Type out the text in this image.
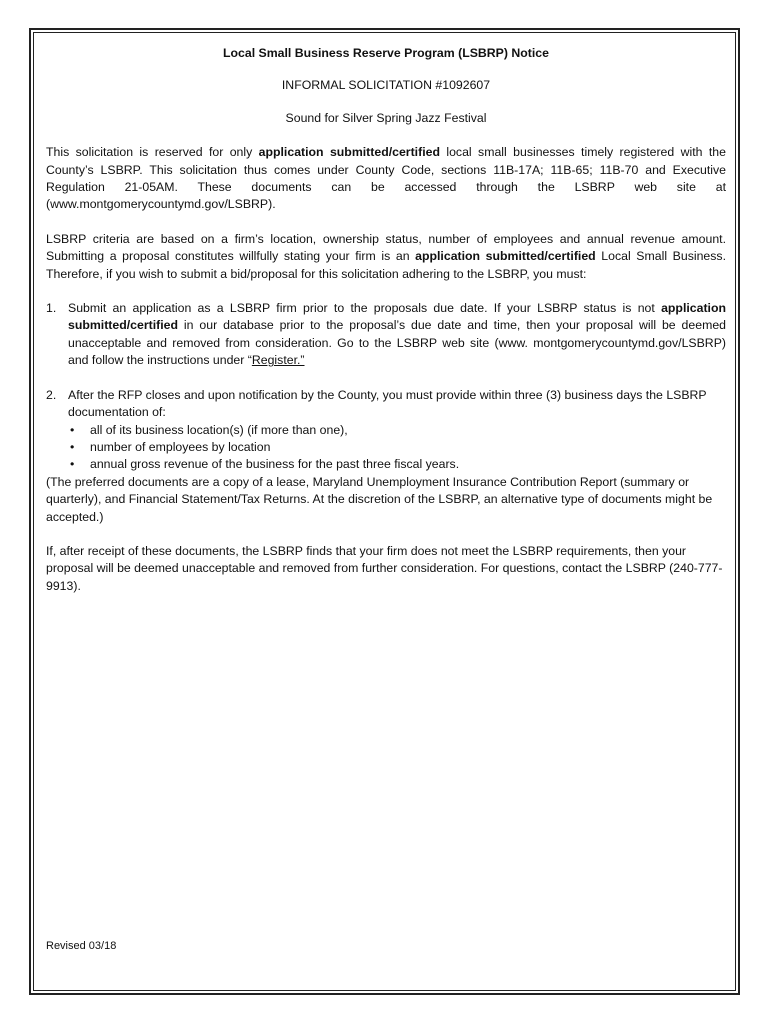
Local Small Business Reserve Program (LSBRP) Notice
INFORMAL SOLICITATION #1092607
Sound for Silver Spring Jazz Festival

This solicitation is reserved for only application submitted/certified local small businesses timely registered with the County’s LSBRP. This solicitation thus comes under County Code, sections 11B-17A; 11B-65; 11B-70 and Executive Regulation 21-05AM. These documents can be accessed through the LSBRP web site at (www.montgomerycountymd.gov/LSBRP).

LSBRP criteria are based on a firm’s location, ownership status, number of employees and annual revenue amount. Submitting a proposal constitutes willfully stating your firm is an application submitted/certified Local Small Business. Therefore, if you wish to submit a bid/proposal for this solicitation adhering to the LSBRP, you must:

1. Submit an application as a LSBRP firm prior to the proposals due date. If your LSBRP status is not application submitted/certified in our database prior to the proposal’s due date and time, then your proposal will be deemed unacceptable and removed from consideration. Go to the LSBRP web site (www. montgomerycountymd.gov/LSBRP) and follow the instructions under “Register.”
2. After the RFP closes and upon notification by the County, you must provide within three (3) business days the LSBRP documentation of:
• all of its business location(s) (if more than one),
• number of employees by location
• annual gross revenue of the business for the past three fiscal years.
(The preferred documents are a copy of a lease, Maryland Unemployment Insurance Contribution Report (summary or quarterly), and Financial Statement/Tax Returns. At the discretion of the LSBRP, an alternative type of documents might be accepted.)
If, after receipt of these documents, the LSBRP finds that your firm does not meet the LSBRP requirements, then your proposal will be deemed unacceptable and removed from further consideration. For questions, contact the LSBRP (240-777-9913).
Revised 03/18
